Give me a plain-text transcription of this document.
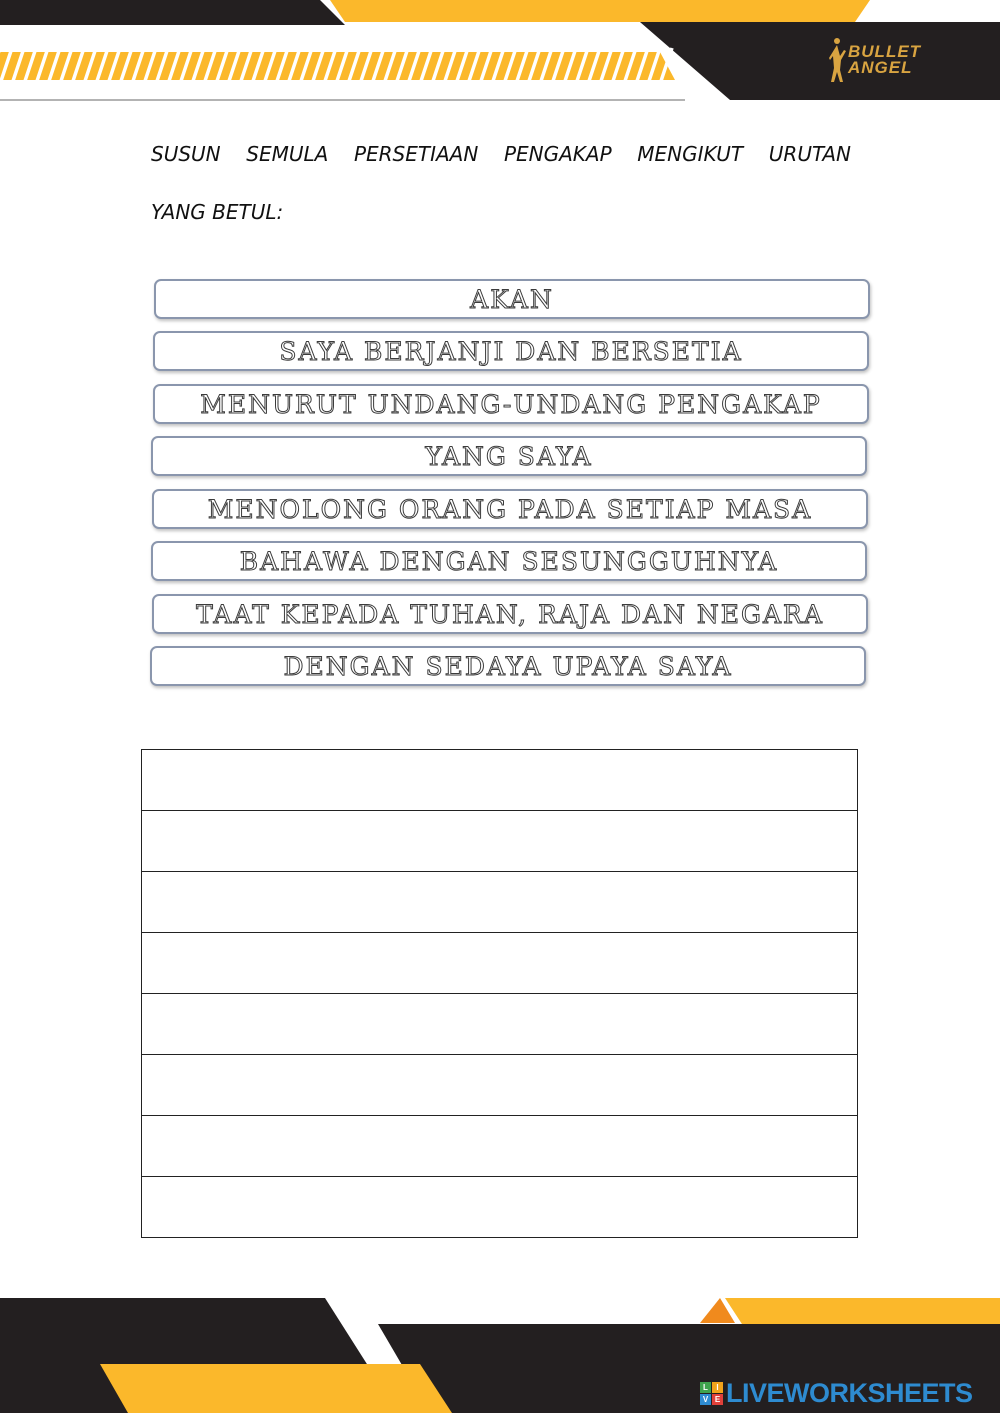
BULLET
ANGEL
SUSUN SEMULA PERSETIAAN PENGAKAP MENGIKUT URUTAN
YANG BETUL:
AKAN
SAYA BERJANJI DAN BERSETIA
MENURUT UNDANG-UNDANG PENGAKAP
YANG SAYA
MENOLONG ORANG PADA SETIAP MASA
BAHAWA DENGAN SESUNGGUHNYA
TAAT KEPADA TUHAN, RAJA DAN NEGARA
DENGAN SEDAYA UPAYA SAYA

L	I
V E LIVEWORKSHEETS
